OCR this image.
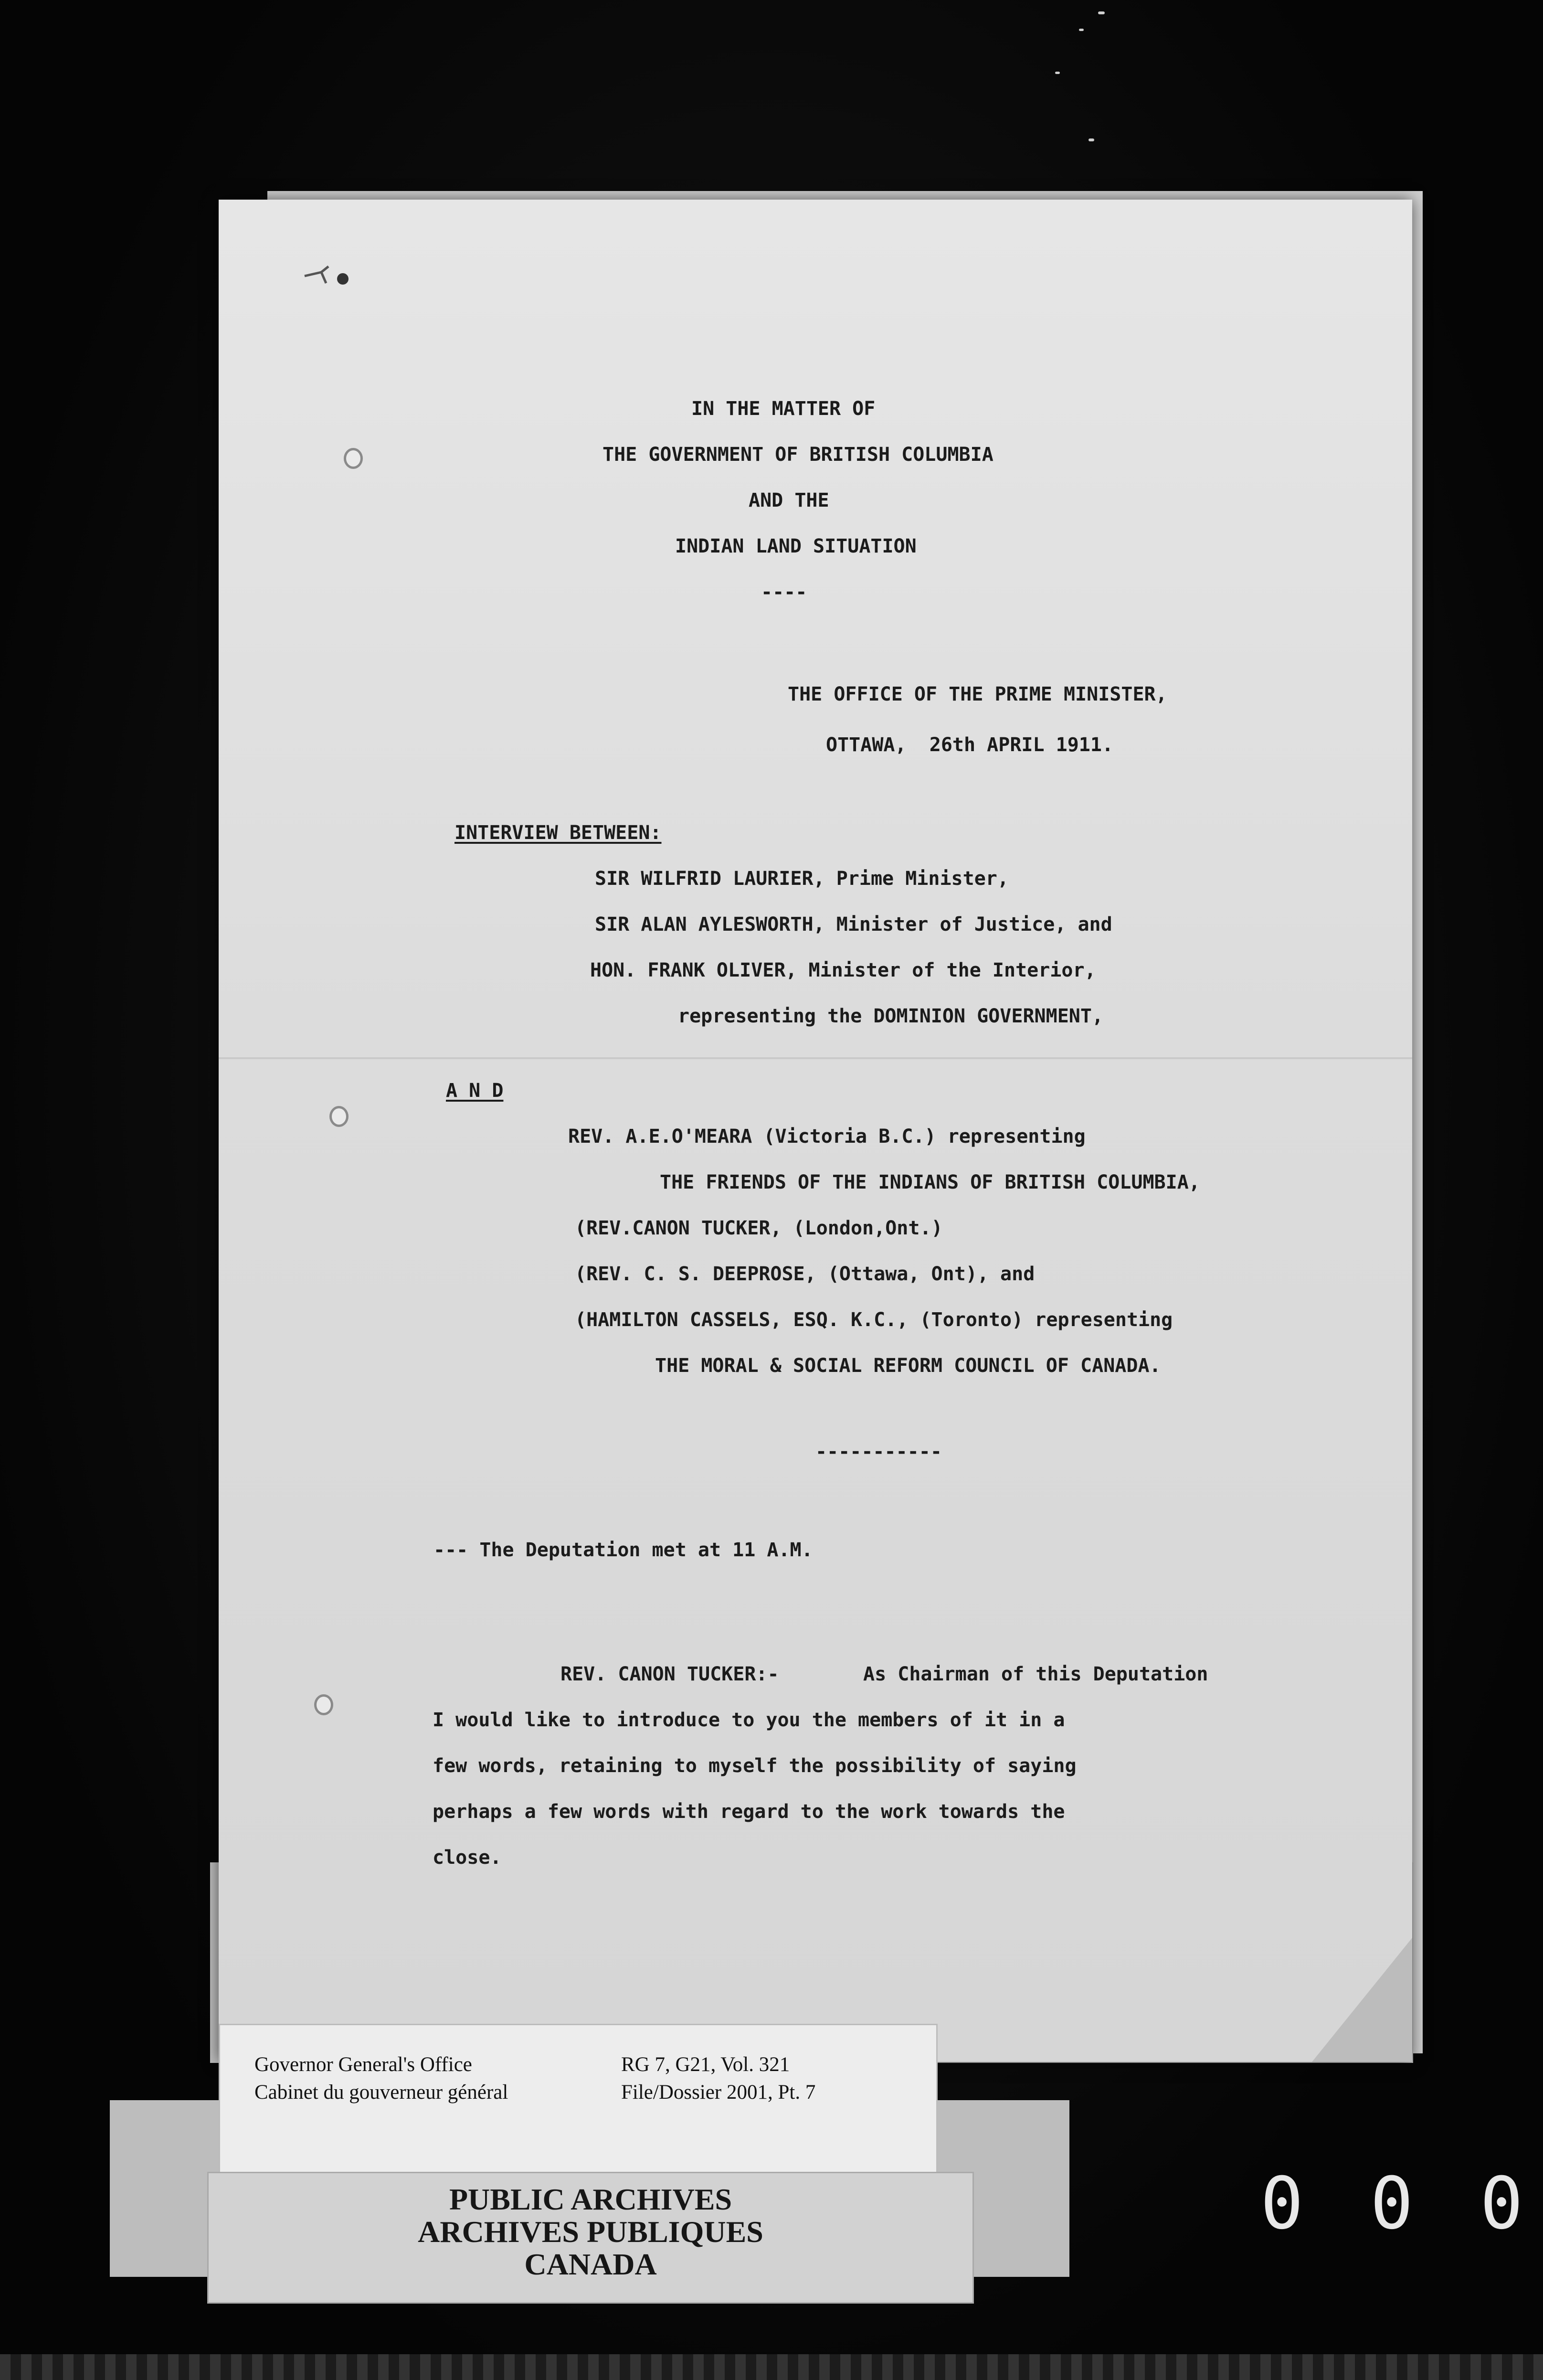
IN THE MATTER OF

THE GOVERNMENT OF BRITISH COLUMBIA

AND THE

INDIAN LAND SITUATION

----

THE OFFICE OF THE PRIME MINISTER,

OTTAWA,  26th APRIL 1911.

INTERVIEW BETWEEN:

SIR WILFRID LAURIER, Prime Minister,

SIR ALAN AYLESWORTH, Minister of Justice, and

HON. FRANK OLIVER, Minister of the Interior,

representing the DOMINION GOVERNMENT,

A N D

REV. A.E.O'MEARA (Victoria B.C.) representing

THE FRIENDS OF THE INDIANS OF BRITISH COLUMBIA,

(REV.CANON TUCKER, (London,Ont.)

(REV. C. S. DEEPROSE, (Ottawa, Ont), and

(HAMILTON CASSELS, ESQ. K.C., (Toronto) representing

THE MORAL & SOCIAL REFORM COUNCIL OF CANADA.

-----------

--- The Deputation met at 11 A.M.

REV. CANON TUCKER:-	As Chairman of this Deputation

I would like to introduce to you the members of it in a

few words, retaining to myself the possibility of saying

perhaps a few words with regard to the work towards the

close.

Governor General's Office
Cabinet du gouverneur général
RG 7, G21, Vol. 321
File/Dossier 2001, Pt. 7
PUBLIC ARCHIVES
ARCHIVES PUBLIQUES
CANADA
0 0 0
